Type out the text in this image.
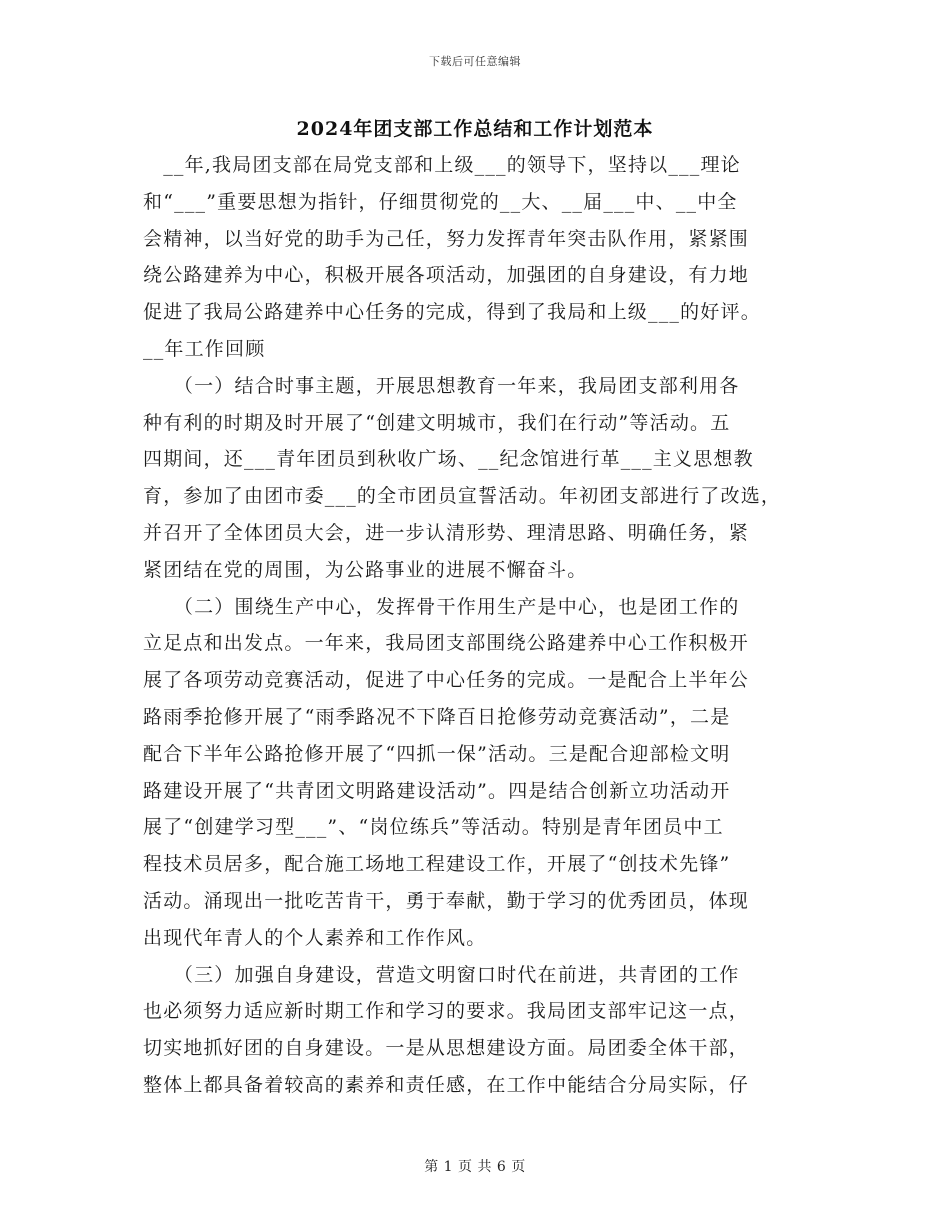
下载后可任意编辑
2024年团支部工作总结和工作计划范本
　__年,我局团支部在局党支部和上级___的领导下，坚持以___理论
和“___”重要思想为指针，仔细贯彻党的__大、__届___中、__中全
会精神，以当好党的助手为己任，努力发挥青年突击队作用，紧紧围
绕公路建养为中心，积极开展各项活动，加强团的自身建设，有力地
促进了我局公路建养中心任务的完成，得到了我局和上级___的好评。
__年工作回顾
　　（一）结合时事主题，开展思想教育一年来，我局团支部利用各
种有利的时期及时开展了“创建文明城市，我们在行动”等活动。五
四期间，还___青年团员到秋收广场、__纪念馆进行革___主义思想教
育，参加了由团市委___的全市团员宣誓活动。年初团支部进行了改选，
并召开了全体团员大会，进一步认清形势、理清思路、明确任务，紧
紧团结在党的周围，为公路事业的进展不懈奋斗。
　　（二）围绕生产中心，发挥骨干作用生产是中心，也是团工作的
立足点和出发点。一年来，我局团支部围绕公路建养中心工作积极开
展了各项劳动竞赛活动，促进了中心任务的完成。一是配合上半年公
路雨季抢修开展了“雨季路况不下降百日抢修劳动竞赛活动”，二是
配合下半年公路抢修开展了“四抓一保”活动。三是配合迎部检文明
路建设开展了“共青团文明路建设活动”。四是结合创新立功活动开
展了“创建学习型___”、“岗位练兵”等活动。特别是青年团员中工
程技术员居多，配合施工场地工程建设工作，开展了“创技术先锋”
活动。涌现出一批吃苦肯干，勇于奉献，勤于学习的优秀团员，体现
出现代年青人的个人素养和工作作风。
　　（三）加强自身建设，营造文明窗口时代在前进，共青团的工作
也必须努力适应新时期工作和学习的要求。我局团支部牢记这一点，
切实地抓好团的自身建设。一是从思想建设方面。局团委全体干部，
整体上都具备着较高的素养和责任感，在工作中能结合分局实际，仔
第 1 页 共 6 页
